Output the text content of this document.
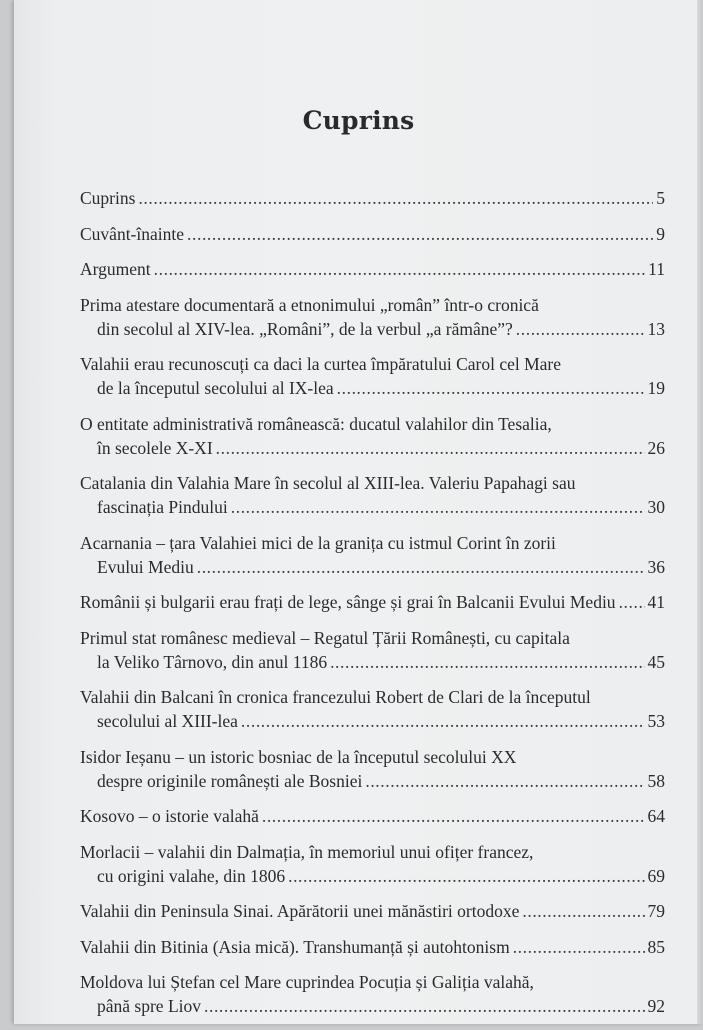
Cuprins
Cuprins .....	5
Cuvânt-înainte .....	9
Argument .....	11
Prima atestare documentară a etnonimului „român” într-o cronică
din secolul al XIV-lea. „Români”, de la verbul „a rămâne”? .....	13
Valahii erau recunoscuți ca daci la curtea împăratului Carol cel Mare
de la începutul secolului al IX-lea .....	19
O entitate administrativă românească: ducatul valahilor din Tesalia,
în secolele X-XI .....	26
Catalania din Valahia Mare în secolul al XIII-lea. Valeriu Papahagi sau
fascinația Pindului .....	30
Acarnania – țara Valahiei mici de la granița cu istmul Corint în zorii
Evului Mediu .....	36
Românii și bulgarii erau frați de lege, sânge și grai în Balcanii Evului Mediu ..... 41
Primul stat românesc medieval – Regatul Țării Românești, cu capitala
la Veliko Târnovo, din anul 1186 .....	45
Valahii din Balcani în cronica francezului Robert de Clari de la începutul
secolului al XIII-lea .....	53
Isidor Ieșanu – un istoric bosniac de la începutul secolului XX
despre originile românești ale Bosniei .....	58
Kosovo – o istorie valahă .....	64
Morlacii – valahii din Dalmația, în memoriul unui ofițer francez,
cu origini valahe, din 1806 .....	69
Valahii din Peninsula Sinai. Apărătorii unei mănăstiri ortodoxe .....	79
Valahii din Bitinia (Asia mică). Transhumanță și autohtonism .....	85
Moldova lui Ștefan cel Mare cuprindea Pocuția și Galiția valahă,
până spre Liov .....	92
